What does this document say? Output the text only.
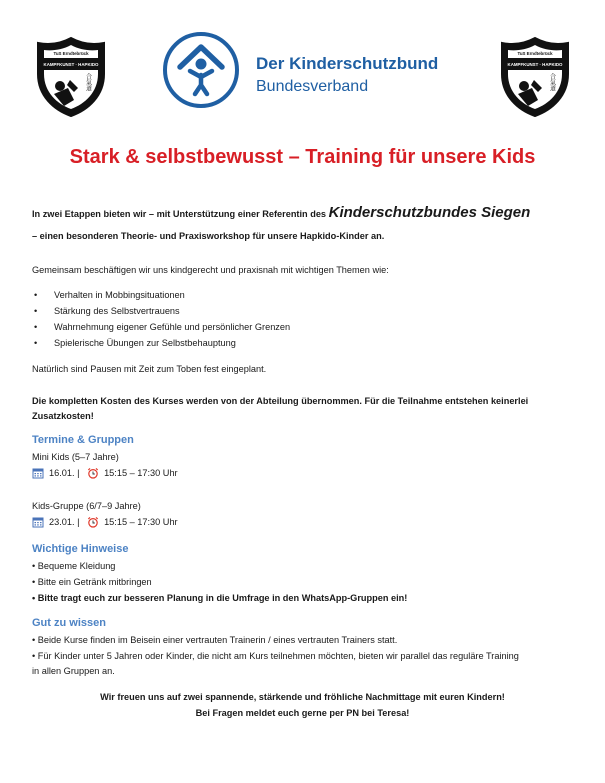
TuS Erndtebrück
KAMPFKUNST · HAPKIDO
合氣道
Der Kinderschutzbund
Bundesverband
TuS Erndtebrück
KAMPFKUNST · HAPKIDO
合氣道
Stark & selbstbewusst – Training für unsere Kids
In zwei Etappen bieten wir – mit Unterstützung einer Referentin des Kinderschutzbundes Siegen
– einen besonderen Theorie- und Praxisworkshop für unsere Hapkido-Kinder an.
Gemeinsam beschäftigen wir uns kindgerecht und praxisnah mit wichtigen Themen wie:
• Verhalten in Mobbingsituationen
• Stärkung des Selbstvertrauens
• Wahrnehmung eigener Gefühle und persönlicher Grenzen
• Spielerische Übungen zur Selbstbehauptung
Natürlich sind Pausen mit Zeit zum Toben fest eingeplant.
Die kompletten Kosten des Kurses werden von der Abteilung übernommen. Für die Teilnahme entstehen keinerlei
Zusatzkosten!
Termine & Gruppen
Mini Kids (5–7 Jahre)
16.01.
|
	15:15 – 17:30 Uhr
Kids-Gruppe (6/7–9 Jahre)
23.01.
|
	15:15 – 17:30 Uhr
Wichtige Hinweise
• Bequeme Kleidung
• Bitte ein Getränk mitbringen
• Bitte tragt euch zur besseren Planung in die Umfrage in den WhatsApp-Gruppen ein!
Gut zu wissen
• Beide Kurse finden im Beisein einer vertrauten Trainerin / eines vertrauten Trainers statt.
• Für Kinder unter 5 Jahren oder Kinder, die nicht am Kurs teilnehmen möchten, bieten wir parallel das reguläre Training
in allen Gruppen an.
Wir freuen uns auf zwei spannende, stärkende und fröhliche Nachmittage mit euren Kindern!
Bei Fragen meldet euch gerne per PN bei Teresa!
